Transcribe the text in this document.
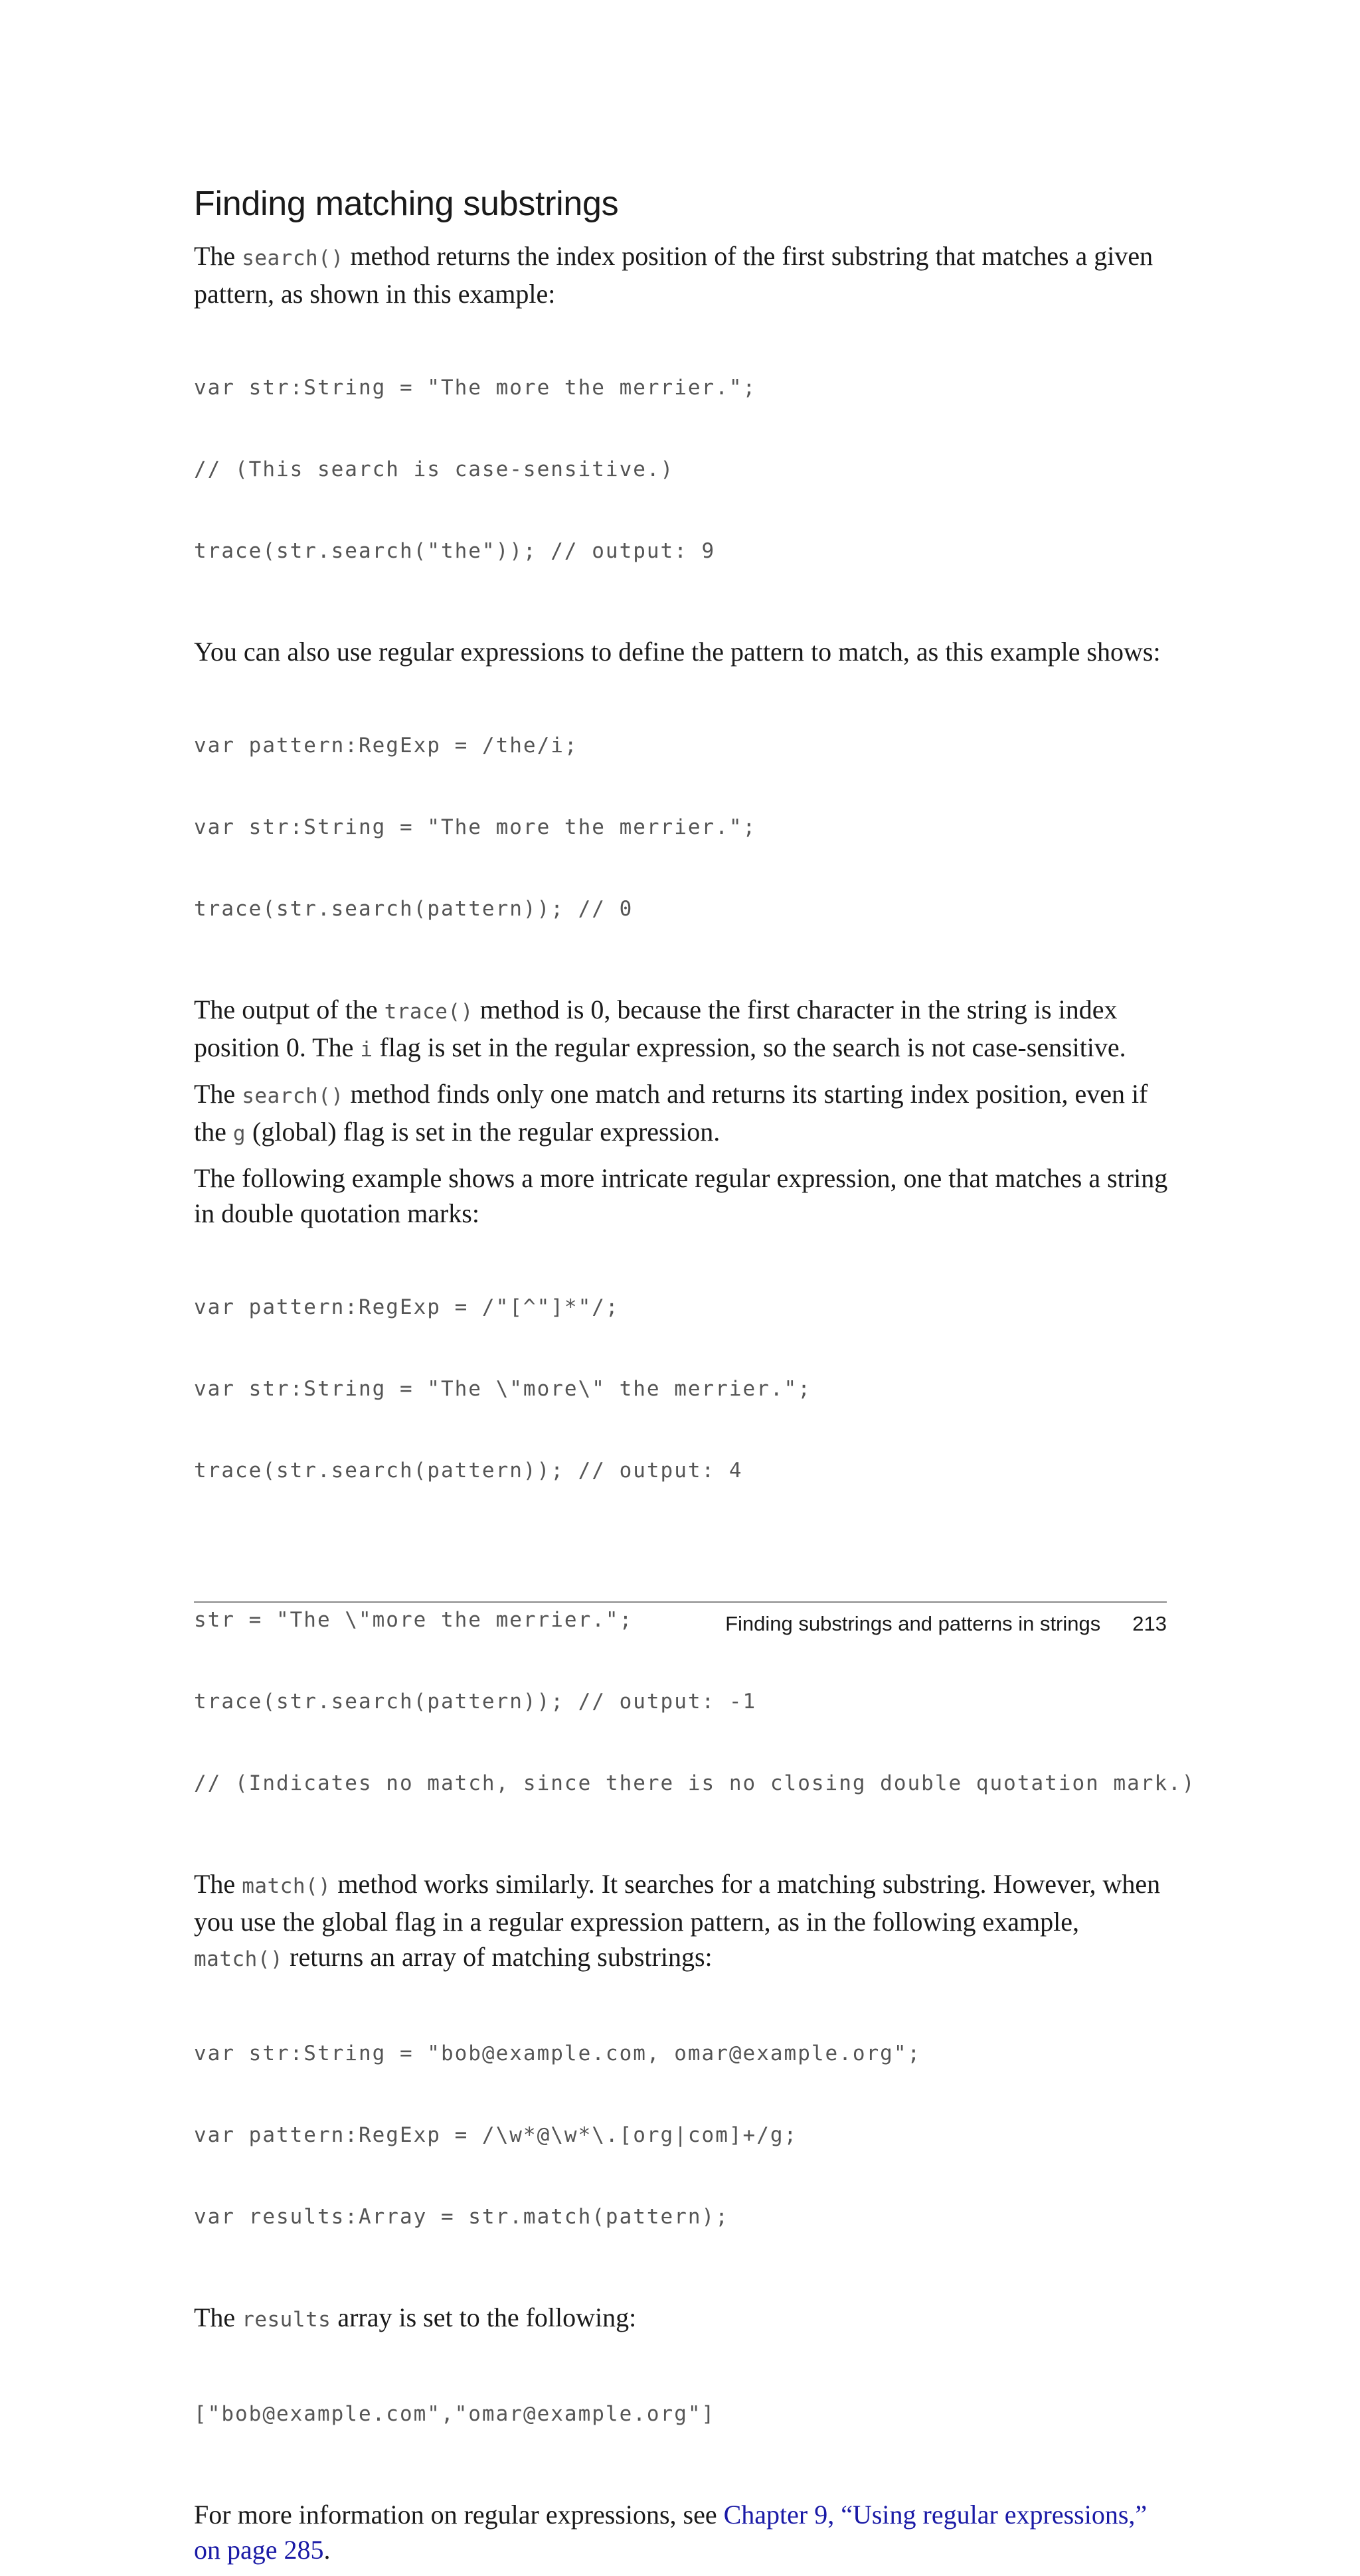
Finding matching substrings

The search() method returns the index position of the first substring that matches a given pattern, as shown in this example:

var str:String = "The more the merrier.";

// (This search is case-sensitive.)

trace(str.search("the")); // output: 9

You can also use regular expressions to define the pattern to match, as this example shows:

var pattern:RegExp = /the/i;

var str:String = "The more the merrier.";

trace(str.search(pattern)); // 0

The output of the trace() method is 0, because the first character in the string is index position 0. The i flag is set in the regular expression, so the search is not case-sensitive.

The search() method finds only one match and returns its starting index position, even if the g (global) flag is set in the regular expression.

The following example shows a more intricate regular expression, one that matches a string in double quotation marks:

var pattern:RegExp = /"[^"]*"/;

var str:String = "The \"more\" the merrier.";

trace(str.search(pattern)); // output: 4

str = "The \"more the merrier.";

trace(str.search(pattern)); // output: -1

// (Indicates no match, since there is no closing double quotation mark.)

The match() method works similarly. It searches for a matching substring. However, when you use the global flag in a regular expression pattern, as in the following example, match() returns an array of matching substrings:

var str:String = "bob@example.com, omar@example.org";

var pattern:RegExp = /\w*@\w*\.[org|com]+/g;

var results:Array = str.match(pattern);

The results array is set to the following:

["bob@example.com","omar@example.org"]

For more information on regular expressions, see Chapter 9, “Using regular expressions,” on page 285.

Finding substrings and patterns in strings 213
